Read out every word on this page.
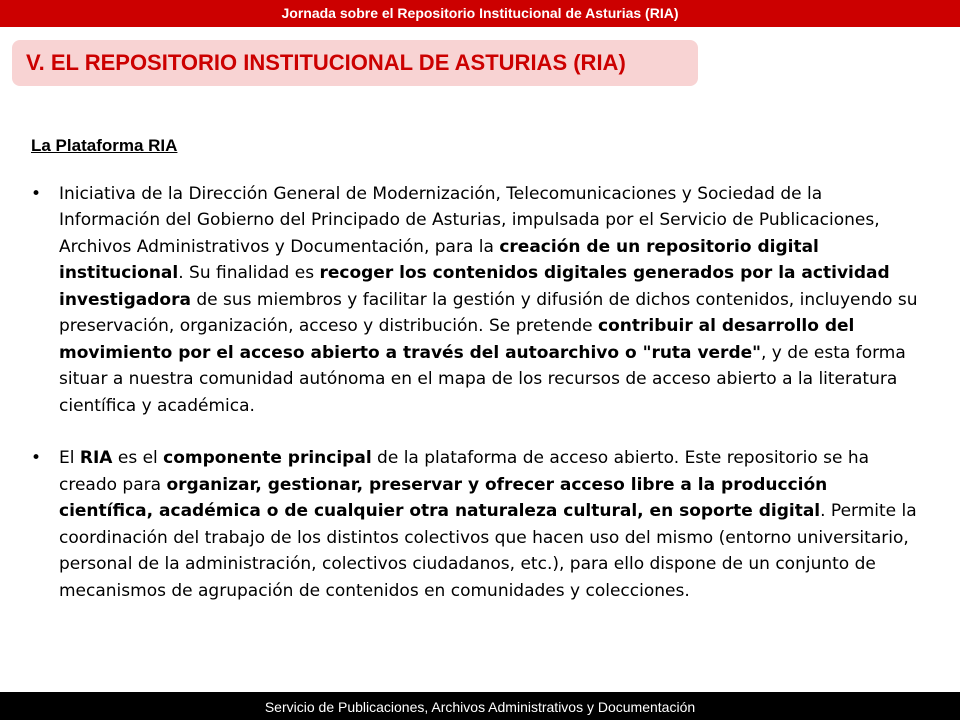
Jornada sobre el Repositorio Institucional de Asturias (RIA)
V. EL REPOSITORIO INSTITUCIONAL DE ASTURIAS (RIA)
La Plataforma RIA
• Iniciativa de la Dirección General de Modernización, Telecomunicaciones y Sociedad de la Información del Gobierno del Principado de Asturias, impulsada por el Servicio de Publicaciones, Archivos Administrativos y Documentación, para la creación de un repositorio digital institucional. Su finalidad es recoger los contenidos digitales generados por la actividad investigadora de sus miembros y facilitar la gestión y difusión de dichos contenidos, incluyendo su preservación, organización, acceso y distribución. Se pretende contribuir al desarrollo del movimiento por el acceso abierto a través del autoarchivo o "ruta verde", y de esta forma situar a nuestra comunidad autónoma en el mapa de los recursos de acceso abierto a la literatura científica y académica.

• El RIA es el componente principal de la plataforma de acceso abierto. Este repositorio se ha creado para organizar, gestionar, preservar y ofrecer acceso libre a la producción científica, académica o de cualquier otra naturaleza cultural, en soporte digital. Permite la coordinación del trabajo de los distintos colectivos que hacen uso del mismo (entorno universitario, personal de la administración, colectivos ciudadanos, etc.), para ello dispone de un conjunto de mecanismos de agrupación de contenidos en comunidades y colecciones.

Servicio de Publicaciones, Archivos Administrativos y Documentación
